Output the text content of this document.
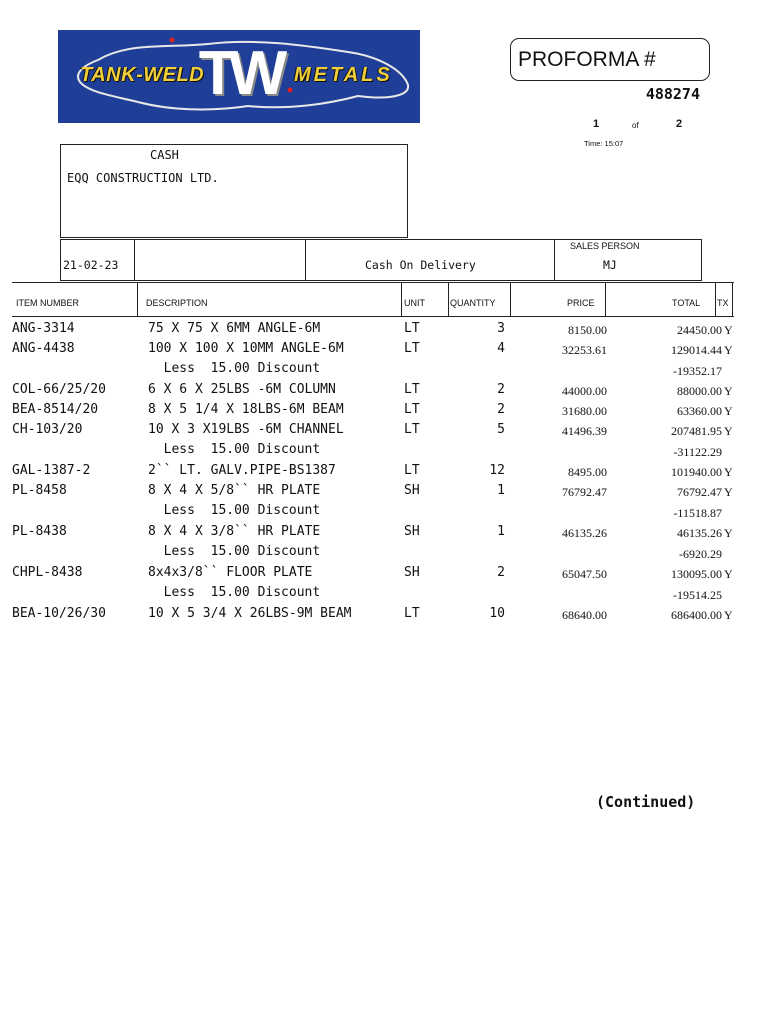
TANK-WELD
TW METALS
PROFORMA #
488274
1	of	2
Time: 15:07
CASH
EQQ CONSTRUCTION LTD.
21-02-23	Cash On Delivery
SALES PERSON
MJ
ITEM NUMBER	DESCRIPTION	UNIT	QUANTITY	PRICE	TOTAL TX
ANG-3314	75 X 75 X 6MM ANGLE-6M	LT	3	8150.00	24450.00 Y
ANG-4438	100 X 100 X 10MM ANGLE-6M	LT	4	32253.61	129014.44 Y
Less  15.00 Discount	-19352.17
COL-66/25/20	6 X 6 X 25LBS -6M COLUMN	LT	2	44000.00	88000.00 Y
BEA-8514/20	8 X 5 1/4 X 18LBS-6M BEAM	LT	2	31680.00	63360.00 Y
CH-103/20	10 X 3 X19LBS -6M CHANNEL	LT	5	41496.39	207481.95 Y
Less  15.00 Discount	-31122.29
GAL-1387-2	2`` LT. GALV.PIPE-BS1387	LT	12	8495.00	101940.00 Y
PL-8458	8 X 4 X 5/8`` HR PLATE	SH	1	76792.47	76792.47 Y
Less  15.00 Discount	-11518.87
PL-8438	8 X 4 X 3/8`` HR PLATE	SH	1	46135.26	46135.26 Y
Less  15.00 Discount	-6920.29
CHPL-8438	8x4x3/8`` FLOOR PLATE	SH	2	65047.50	130095.00 Y
Less  15.00 Discount	-19514.25
BEA-10/26/30	10 X 5 3/4 X 26LBS-9M BEAM	LT	10	68640.00	686400.00 Y
(Continued)
